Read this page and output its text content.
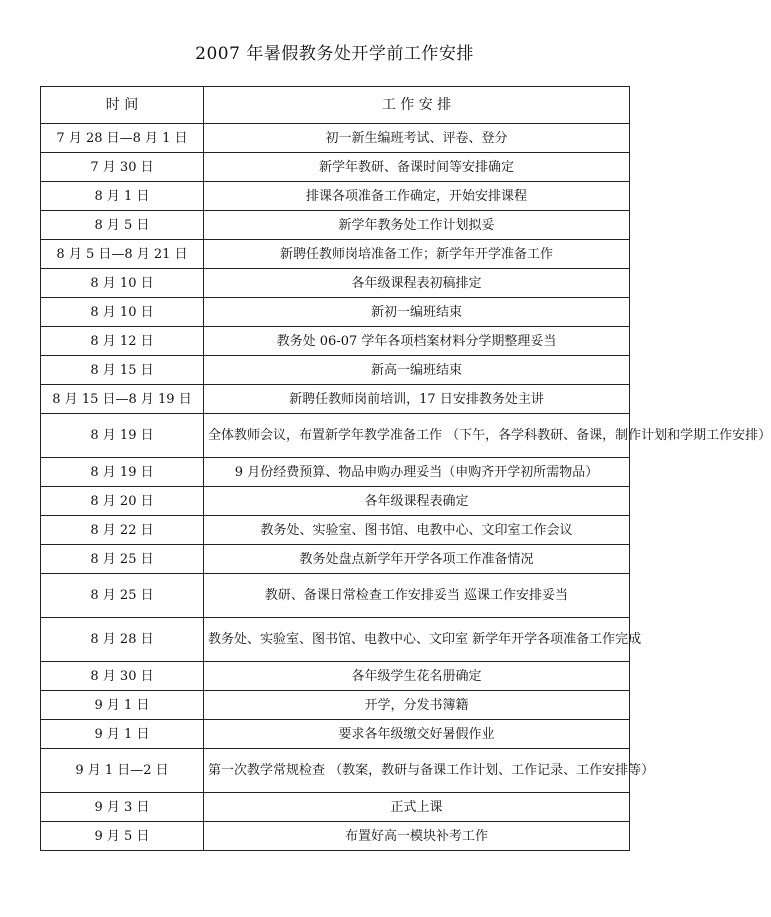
2007 年暑假教务处开学前工作安排
时 间	工 作 安 排
7 月 28 日—8 月 1 日	初一新生编班考试、评卷、登分
7 月 30 日	新学年教研、备课时间等安排确定
8 月 1 日	排课各项准备工作确定，开始安排课程
8 月 5 日	新学年教务处工作计划拟妥
8 月 5 日—8 月 21 日	新聘任教师岗培准备工作；新学年开学准备工作
8 月 10 日	各年级课程表初稿排定
8 月 10 日	新初一编班结束
8 月 12 日	教务处 06-07 学年各项档案材料分学期整理妥当
8 月 15 日	新高一编班结束
8 月 15 日—8 月 19 日	新聘任教师岗前培训，17 日安排教务处主讲
8 月 19 日	全体教师会议，布置新学年教学准备工作 （下午，各学科教研、备课，制作计划和学期工作安排）
8 月 19 日	9 月份经费预算、物品申购办理妥当（申购齐开学初所需物品）
8 月 20 日	各年级课程表确定
8 月 22 日	教务处、实验室、图书馆、电教中心、文印室工作会议
8 月 25 日	教务处盘点新学年开学各项工作准备情况
8 月 25 日	教研、备课日常检查工作安排妥当 巡课工作安排妥当
8 月 28 日	教务处、实验室、图书馆、电教中心、文印室 新学年开学各项准备工作完成
8 月 30 日	各年级学生花名册确定
9 月 1 日	开学，分发书簿籍
9 月 1 日	要求各年级缴交好暑假作业
9 月 1 日—2 日	第一次教学常规检查 （教案，教研与备课工作计划、工作记录、工作安排等）
9 月 3 日	正式上课
9 月 5 日	布置好高一模块补考工作
